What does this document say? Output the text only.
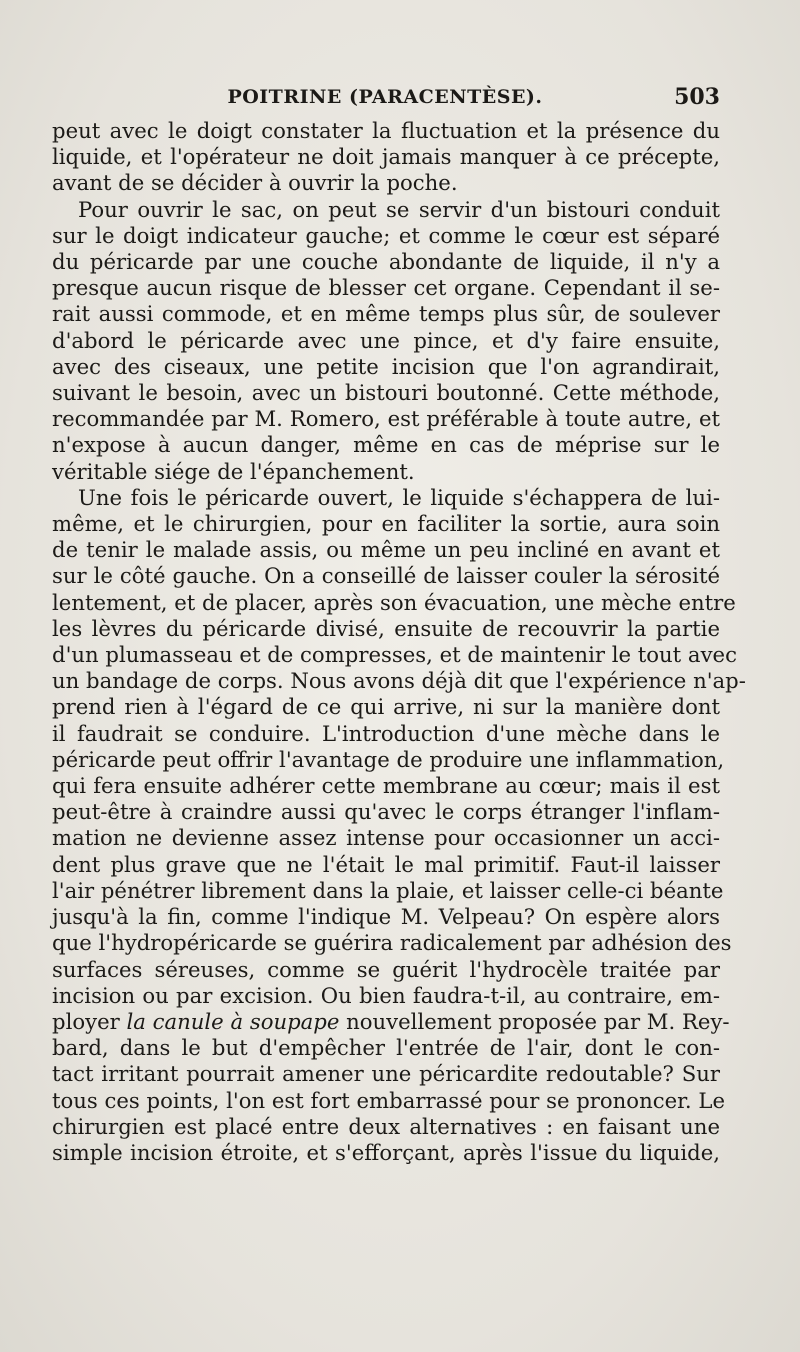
POITRINE (PARACENTÈSE).	503

peut avec le doigt constater la fluctuation et la présence du
liquide, et l'opérateur ne doit jamais manquer à ce précepte,
avant de se décider à ouvrir la poche.

Pour ouvrir le sac, on peut se servir d'un bistouri conduit
sur le doigt indicateur gauche; et comme le cœur est séparé
du péricarde par une couche abondante de liquide, il n'y a
presque aucun risque de blesser cet organe. Cependant il se-
rait aussi commode, et en même temps plus sûr, de soulever
d'abord le péricarde avec une pince, et d'y faire ensuite,
avec des ciseaux, une petite incision que l'on agrandirait,
suivant le besoin, avec un bistouri boutonné. Cette méthode,
recommandée par M. Romero, est préférable à toute autre, et
n'expose à aucun danger, même en cas de méprise sur le
véritable siége de l'épanchement.

Une fois le péricarde ouvert, le liquide s'échappera de lui-
même, et le chirurgien, pour en faciliter la sortie, aura soin
de tenir le malade assis, ou même un peu incliné en avant et
sur le côté gauche. On a conseillé de laisser couler la sérosité
lentement, et de placer, après son évacuation, une mèche entre
les lèvres du péricarde divisé, ensuite de recouvrir la partie
d'un plumasseau et de compresses, et de maintenir le tout avec
un bandage de corps. Nous avons déjà dit que l'expérience n'ap-
prend rien à l'égard de ce qui arrive, ni sur la manière dont
il faudrait se conduire. L'introduction d'une mèche dans le
péricarde peut offrir l'avantage de produire une inflammation,
qui fera ensuite adhérer cette membrane au cœur; mais il est
peut-être à craindre aussi qu'avec le corps étranger l'inflam-
mation ne devienne assez intense pour occasionner un acci-
dent plus grave que ne l'était le mal primitif. Faut-il laisser
l'air pénétrer librement dans la plaie, et laisser celle-ci béante
jusqu'à la fin, comme l'indique M. Velpeau? On espère alors
que l'hydropéricarde se guérira radicalement par adhésion des
surfaces séreuses, comme se guérit l'hydrocèle traitée par
incision ou par excision. Ou bien faudra-t-il, au contraire, em-
ployer la canule à soupape nouvellement proposée par M. Rey-
bard, dans le but d'empêcher l'entrée de l'air, dont le con-
tact irritant pourrait amener une péricardite redoutable? Sur
tous ces points, l'on est fort embarrassé pour se prononcer. Le
chirurgien est placé entre deux alternatives : en faisant une
simple incision étroite, et s'efforçant, après l'issue du liquide,
